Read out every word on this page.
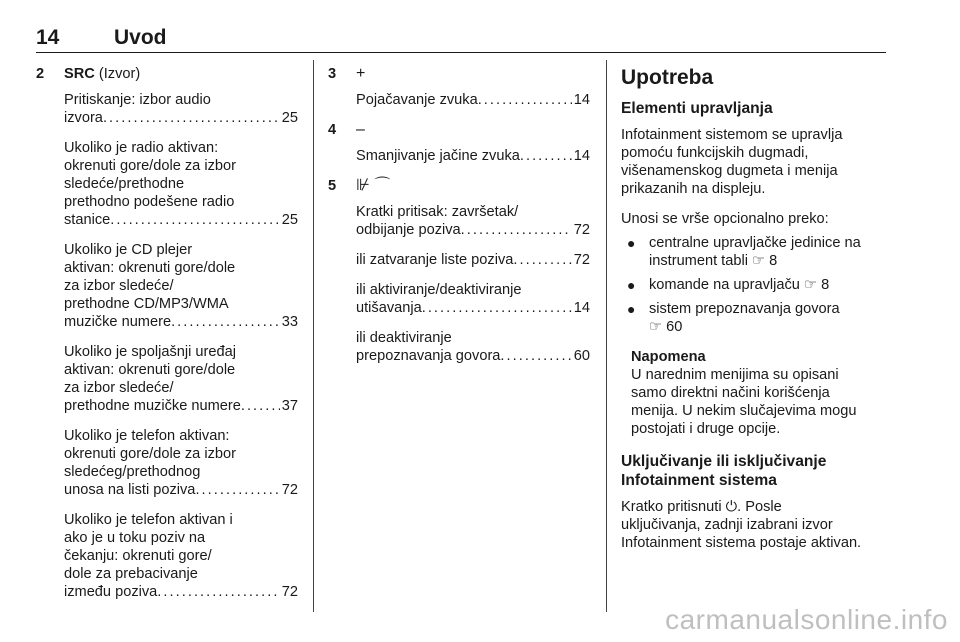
14	Uvod
2	SRC (Izvor)
Pritiskanje: izbor audio
izvora . . .	25
Ukoliko je radio aktivan:
okrenuti gore/dole za izbor
sledeće/prethodne
prethodno podešene radio
stanice . . .	25
Ukoliko je CD plejer
aktivan: okrenuti gore/dole
za izbor sledeće/
prethodne CD/MP3/WMA
muzičke numere . . .	33
Ukoliko je spoljašnji uređaj
aktivan: okrenuti gore/dole
za izbor sledeće/
prethodne muzičke numere . . .	37
Ukoliko je telefon aktivan:
okrenuti gore/dole za izbor
sledećeg/prethodnog
unosa na listi poziva . . .	72
Ukoliko je telefon aktivan i
ako je u toku poziv na
čekanju: okrenuti gore/
dole za prebacivanje
između poziva . . .	72
3	+
Pojačavanje zvuka . . .	14
4	–
Smanjivanje jačine zvuka . . .	14
5	⊮ ⌒
Kratki pritisak: završetak/
odbijanje poziva . . .	72
ili zatvaranje liste poziva . . .	72
ili aktiviranje/deaktiviranje
utišavanja . . .	14
ili deaktiviranje
prepoznavanja govora . . .	60
Upotreba
Elementi upravljanja
Infotainment sistemom se upravlja
pomoću funkcijskih dugmadi,
višenamenskog dugmeta i menija
prikazanih na displeju.
Unosi se vrše opcionalno preko:
● centralne upravljačke jedinice na
instrument tabli ☞ 8
● komande na upravljaču ☞ 8
● sistem prepoznavanja govora
☞ 60
Napomena
U narednim menijima su opisani
samo direktni načini korišćenja
menija. U nekim slučajevima mogu
postojati i druge opcije.
Uključivanje ili isključivanje
Infotainment sistema
Kratko pritisnuti ⏻. Posle
uključivanja, zadnji izabrani izvor
Infotainment sistema postaje aktivan.
carmanualsonline.info
